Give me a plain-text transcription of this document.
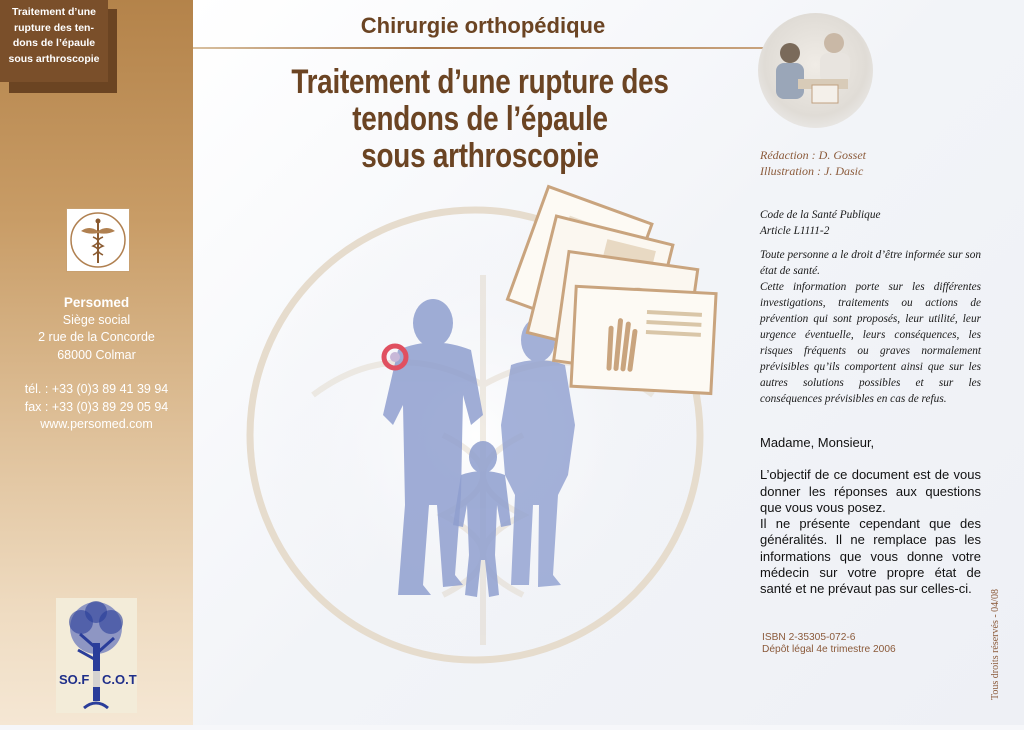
Traitement d’une
rupture des ten-
dons de l’épaule
sous arthroscopie
Persomed
Siège social
2 rue de la Concorde
68000 Colmar
tél. : +33 (0)3 89 41 39 94
fax : +33 (0)3 89 29 05 94
www.persomed.com
SO.F C.O.T
Chirurgie orthopédique
Traitement d’une rupture des
tendons de l’épaule
sous arthroscopie	Rédaction : D. Gosset
Illustration : J. Dasic

Code de la Santé Publique

Article L1111-2

Toute personne a le droit d’être informée sur son état de santé.

Cette information porte sur les différentes investigations, traitements ou actions de prévention qui sont proposés, leur utilité, leur urgence éventuelle, leurs conséquences, les risques fréquents ou graves normalement prévisibles qu’ils comportent ainsi que sur les autres solutions possibles et sur les conséquences prévisibles en cas de refus.

Madame, Monsieur,

L’objectif de ce document est de vous donner les réponses aux questions que vous vous posez.

Il ne présente cependant que des généralités. Il ne remplace pas les informations que vous donne votre médecin sur votre propre état de santé et ne prévaut pas sur celles-ci.

ISBN 2-35305-072-6
Dépôt légal 4e trimestre 2006	Tous droits réservés - 04/08
